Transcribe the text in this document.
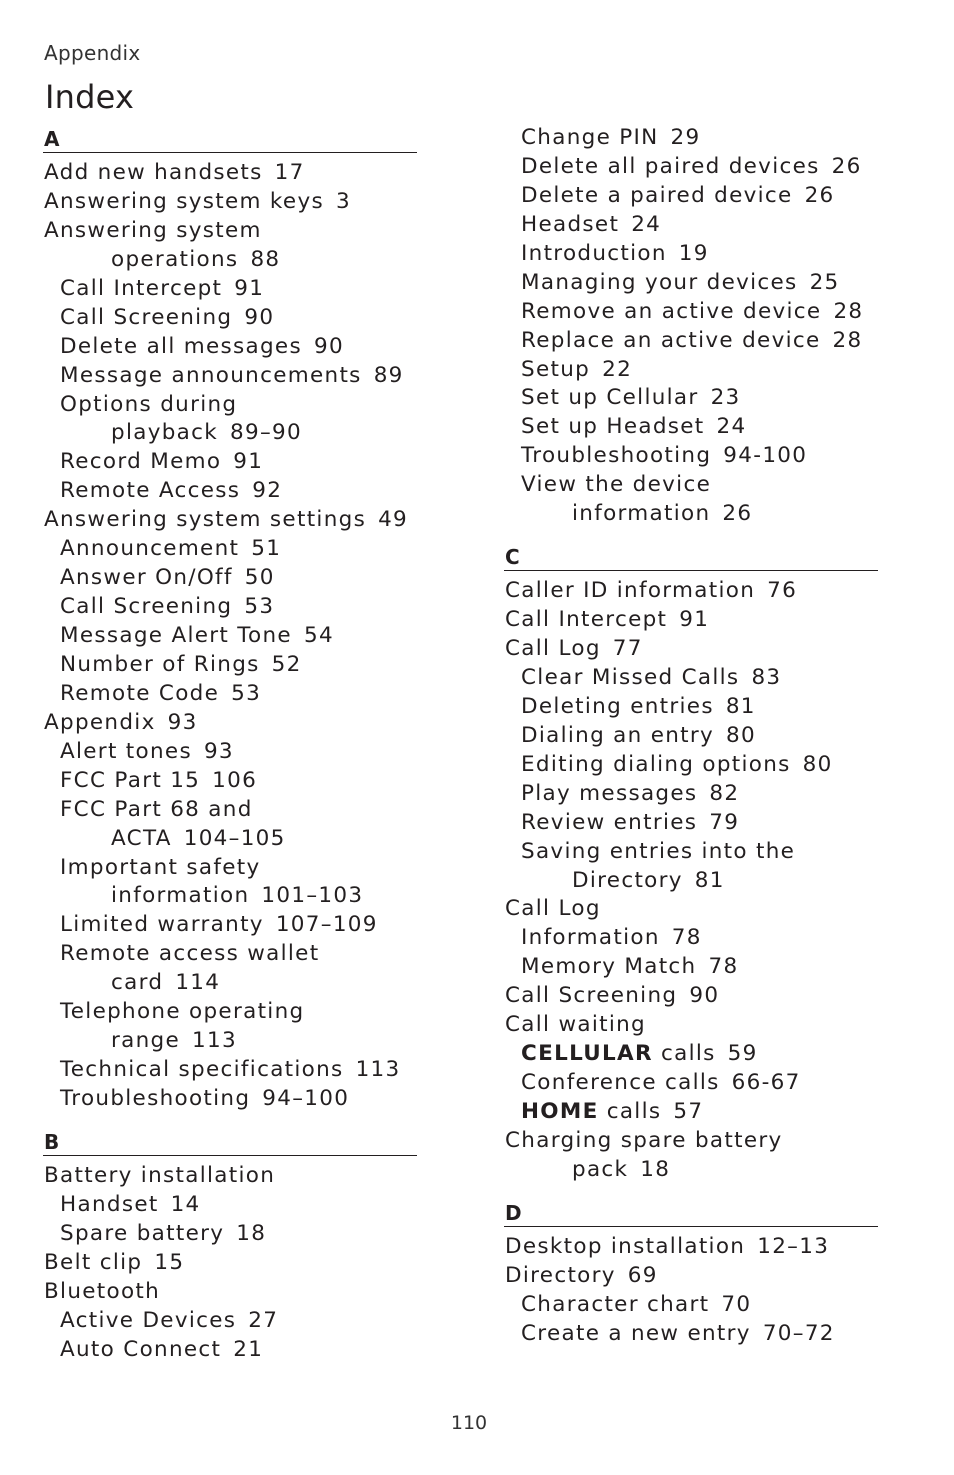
Appendix
Index
A
Add new handsets 17
Answering system keys 3
Answering system
operations 88
Call Intercept 91
Call Screening 90
Delete all messages 90
Message announcements 89
Options during
playback 89–90
Record Memo 91
Remote Access 92
Answering system settings 49
Announcement 51
Answer On/Off 50
Call Screening 53
Message Alert Tone 54
Number of Rings 52
Remote Code 53
Appendix 93
Alert tones 93
FCC Part 15 106
FCC Part 68 and
ACTA 104–105
Important safety
information 101–103
Limited warranty 107–109
Remote access wallet
card 114
Telephone operating
range 113
Technical specifications 113
Troubleshooting 94–100
B
Battery installation
Handset 14
Spare battery 18
Belt clip 15
Bluetooth
Active Devices 27
Auto Connect 21
Change PIN 29
Delete all paired devices 26
Delete a paired device 26
Headset 24
Introduction 19
Managing your devices 25
Remove an active device 28
Replace an active device 28
Setup 22
Set up Cellular 23
Set up Headset 24
Troubleshooting 94-100
View the device
information 26
C
Caller ID information 76
Call Intercept 91
Call Log 77
Clear Missed Calls 83
Deleting entries 81
Dialing an entry 80
Editing dialing options 80
Play messages 82
Review entries 79
Saving entries into the
Directory 81
Call Log
Information 78
Memory Match 78
Call Screening 90
Call waiting
CELLULAR calls 59
Conference calls 66-67
HOME calls 57
Charging spare battery
pack 18
D
Desktop installation 12–13
Directory 69
Character chart 70
Create a new entry 70–72
110
